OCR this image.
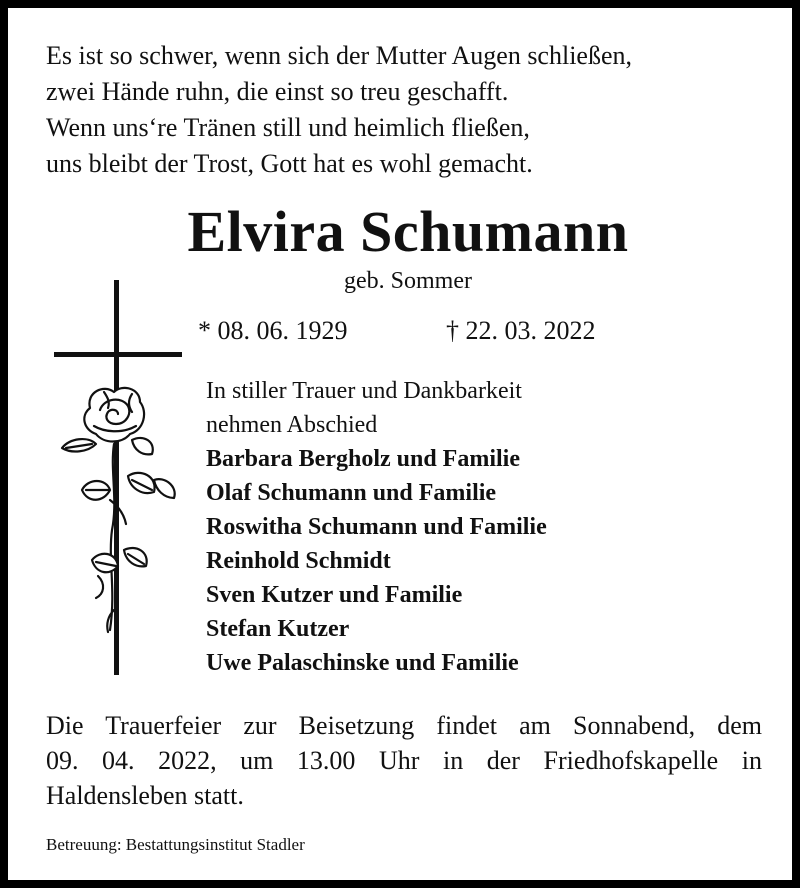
Es ist so schwer, wenn sich der Mutter Augen schließen,
zwei Hände ruhn, die einst so treu geschafft.
Wenn uns‘re Tränen still und heimlich fließen,
uns bleibt der Trost, Gott hat es wohl gemacht.
Elvira Schumann
geb. Sommer
* 08. 06. 1929	† 22. 03. 2022
In stiller Trauer und Dankbarkeit
nehmen Abschied
Barbara Bergholz und Familie
Olaf Schumann und Familie
Roswitha Schumann und Familie
Reinhold Schmidt
Sven Kutzer und Familie
Stefan Kutzer
Uwe Palaschinske und Familie
Die Trauerfeier zur Beisetzung findet am Sonnabend, dem
09. 04. 2022, um 13.00 Uhr in der Friedhofskapelle in
Haldensleben statt.
Betreuung: Bestattungsinstitut Stadler
